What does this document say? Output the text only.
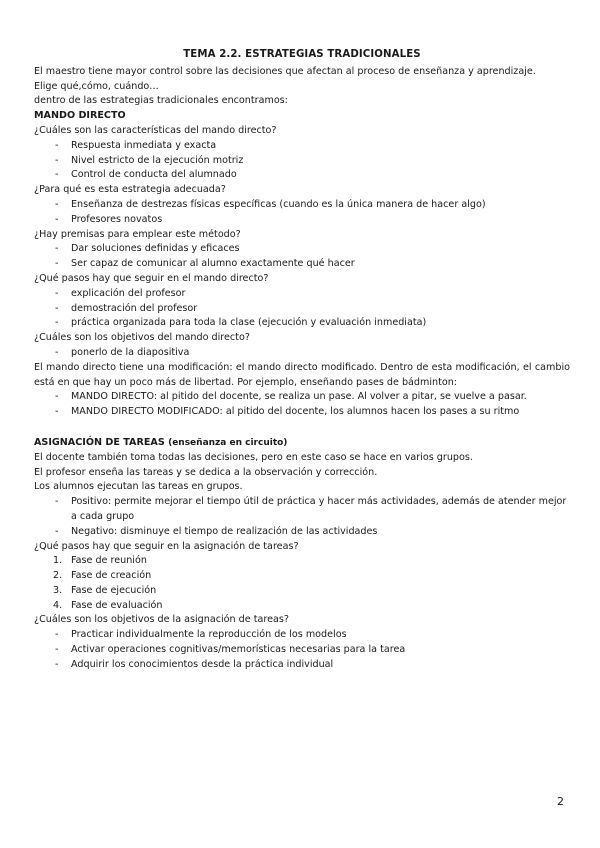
TEMA 2.2. ESTRATEGIAS TRADICIONALES

El maestro tiene mayor control sobre las decisiones que afectan al proceso de enseñanza y aprendizaje.

Elige qué,cómo, cuándo…

dentro de las estrategias tradicionales encontramos:

MANDO DIRECTO

¿Cuáles son las características del mando directo?

- Respuesta inmediata y exacta
- Nivel estricto de la ejecución motriz
- Control de conducta del alumnado

¿Para qué es esta estrategia adecuada?

- Enseñanza de destrezas físicas específicas (cuando es la única manera de hacer algo)
- Profesores novatos

¿Hay premisas para emplear este método?

- Dar soluciones definidas y eficaces
- Ser capaz de comunicar al alumno exactamente qué hacer

¿Qué pasos hay que seguir en el mando directo?

- explicación del profesor
- demostración del profesor
- práctica organizada para toda la clase (ejecución y evaluación inmediata)

¿Cuáles son los objetivos del mando directo?

- ponerlo de la diapositiva

El mando directo tiene una modificación: el mando directo modificado. Dentro de esta modificación, el cambio está en que hay un poco más de libertad. Por ejemplo, enseñando pases de bádminton:

- MANDO DIRECTO: al pitido del docente, se realiza un pase. Al volver a pitar, se vuelve a pasar.
- MANDO DIRECTO MODIFICADO: al pitido del docente, los alumnos hacen los pases a su ritmo

ASIGNACIÓN DE TAREAS (enseñanza en circuito)

El docente también toma todas las decisiones, pero en este caso se hace en varios grupos.

El profesor enseña las tareas y se dedica a la observación y corrección.

Los alumnos ejecutan las tareas en grupos.

- Positivo: permite mejorar el tiempo útil de práctica y hacer más actividades, además de atender mejor a cada grupo
- Negativo: disminuye el tiempo de realización de las actividades

¿Qué pasos hay que seguir en la asignación de tareas?

1. Fase de reunión
2. Fase de creación
3. Fase de ejecución
4. Fase de evaluación

¿Cuáles son los objetivos de la asignación de tareas?

- Practicar individualmente la reproducción de los modelos
- Activar operaciones cognitivas/memorísticas necesarias para la tarea
- Adquirir los conocimientos desde la práctica individual
2
